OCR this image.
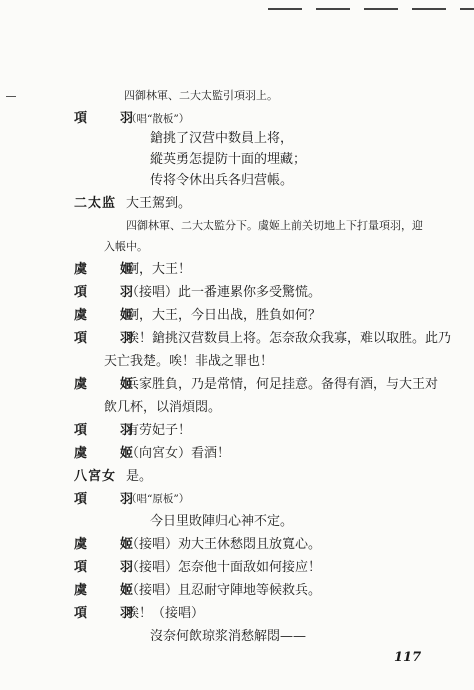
四御林軍、二大太監引項羽上。
項　羽
（唱“散板”）
鎗挑了汉营中数員上将，
縱英勇怎提防十面的埋藏；
传将令休出兵各归营帳。
二太监 大王駕到。
四御林軍、二大太監分下。虞姬上前关切地上下打量項羽，迎
入帳中。
虞　姬
啊，大王！
項　羽
（接唱）此一番連累你多受驚慌。
虞　姬
啊，大王，今日出战，胜負如何？
項　羽
唉！鎗挑汉营数員上将。怎奈敌众我寡，难以取胜。此乃
天亡我楚。唉！非战之罪也！
虞　姬
兵家胜負，乃是常情，何足挂意。备得有酒，与大王对
飲几杯，以消煩悶。
項　羽
有劳妃子！
虞　姬
（向宮女）看酒！
八宮女 是。
項　羽
（唱“原板”）
今日里敗陣归心神不定。
虞　姬
（接唱）劝大王休愁悶且放寬心。
項　羽
（接唱）怎奈他十面敌如何接应！
虞　姬
（接唱）且忍耐守陣地等候救兵。
項　羽
唉！（接唱）
沒奈何飲琼浆消愁解悶——
117
